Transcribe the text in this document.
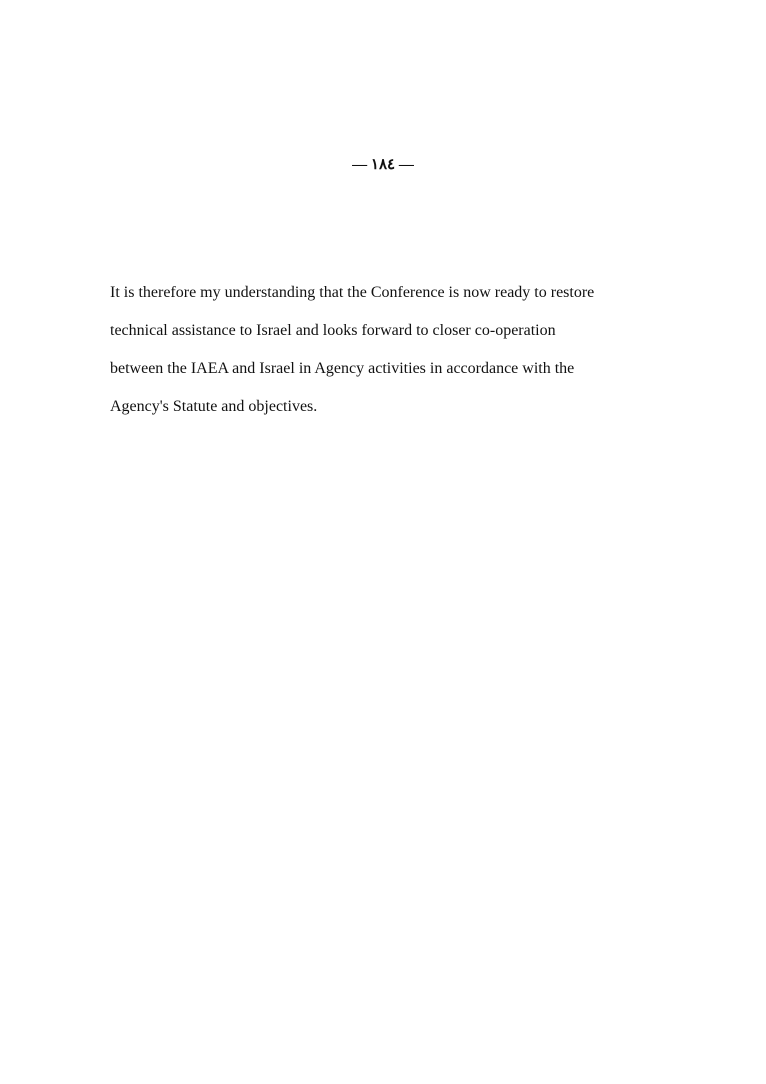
— ١٨٤ —
It is therefore my understanding that the Conference is now ready to restore
technical assistance to Israel and looks forward to closer co-operation
between the IAEA and Israel in Agency activities in accordance with the
Agency's Statute and objectives.
